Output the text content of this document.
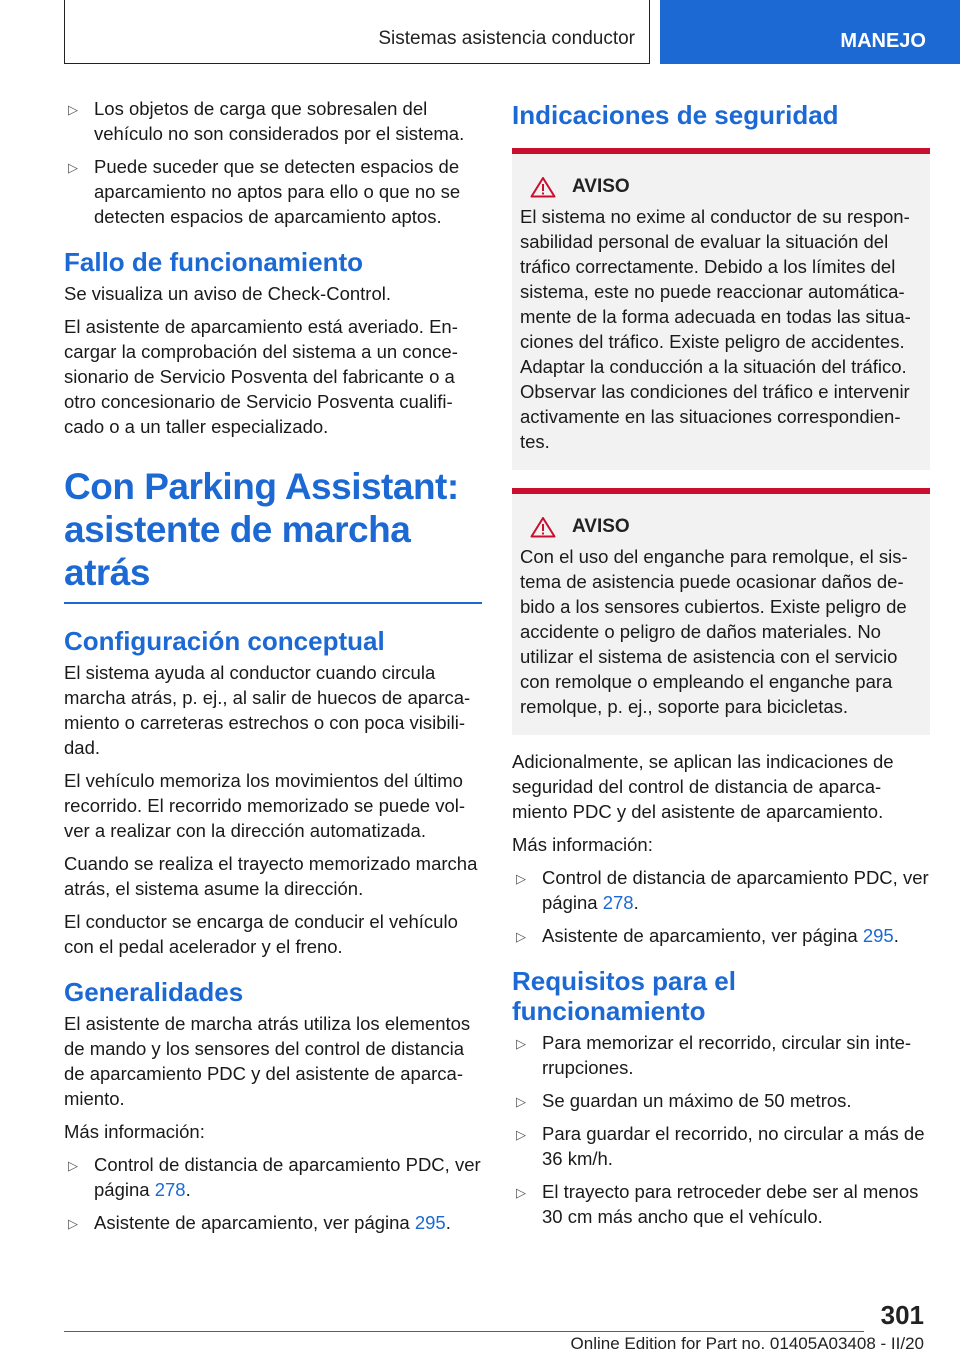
Sistemas asistencia conductor	MANEJO
▷ Los objetos de carga que sobresalen del vehículo no son considerados por el sistema.
▷ Puede suceder que se detecten espacios de aparcamiento no aptos para ello o que no se detecten espacios de aparcamiento aptos.
Fallo de funcionamiento

Se visualiza un aviso de Check-Control.

El asistente de aparcamiento está averiado. Encargar la comprobación del sistema a un concesionario de Servicio Posventa del fabricante o a otro concesionario de Servicio Posventa cualificado o a un taller especializado.

Con Parking Assistant: asistente de marcha atrás
Configuración conceptual

El sistema ayuda al conductor cuando circula marcha atrás, p. ej., al salir de huecos de aparcamiento o carreteras estrechos o con poca visibilidad.

El vehículo memoriza los movimientos del último recorrido. El recorrido memorizado se puede volver a realizar con la dirección automatizada.

Cuando se realiza el trayecto memorizado marcha atrás, el sistema asume la dirección.

El conductor se encarga de conducir el vehículo con el pedal acelerador y el freno.

Generalidades

El asistente de marcha atrás utiliza los elementos de mando y los sensores del control de distancia de aparcamiento PDC y del asistente de aparcamiento.

Más información:

▷ Control de distancia de aparcamiento PDC, ver página 278.
▷ Asistente de aparcamiento, ver página 295.
Indicaciones de seguridad
AVISO
El sistema no exime al conductor de su responsabilidad personal de evaluar la situación del tráfico correctamente. Debido a los límites del sistema, este no puede reaccionar automáticamente de la forma adecuada en todas las situaciones del tráfico. Existe peligro de accidentes. Adaptar la conducción a la situación del tráfico. Observar las condiciones del tráfico e intervenir activamente en las situaciones correspondientes.
AVISO
Con el uso del enganche para remolque, el sistema de asistencia puede ocasionar daños debido a los sensores cubiertos. Existe peligro de accidente o peligro de daños materiales. No utilizar el sistema de asistencia con el servicio con remolque o empleando el enganche para remolque, p. ej., soporte para bicicletas.

Adicionalmente, se aplican las indicaciones de seguridad del control de distancia de aparcamiento PDC y del asistente de aparcamiento.

Más información:

▷ Control de distancia de aparcamiento PDC, ver página 278.
▷ Asistente de aparcamiento, ver página 295.
Requisitos para el funcionamiento
▷ Para memorizar el recorrido, circular sin interrupciones.
▷ Se guardan un máximo de 50 metros.
▷ Para guardar el recorrido, no circular a más de 36 km/h.
▷ El trayecto para retroceder debe ser al menos 30 cm más ancho que el vehículo.
301
Online Edition for Part no. 01405A03408 - II/20
